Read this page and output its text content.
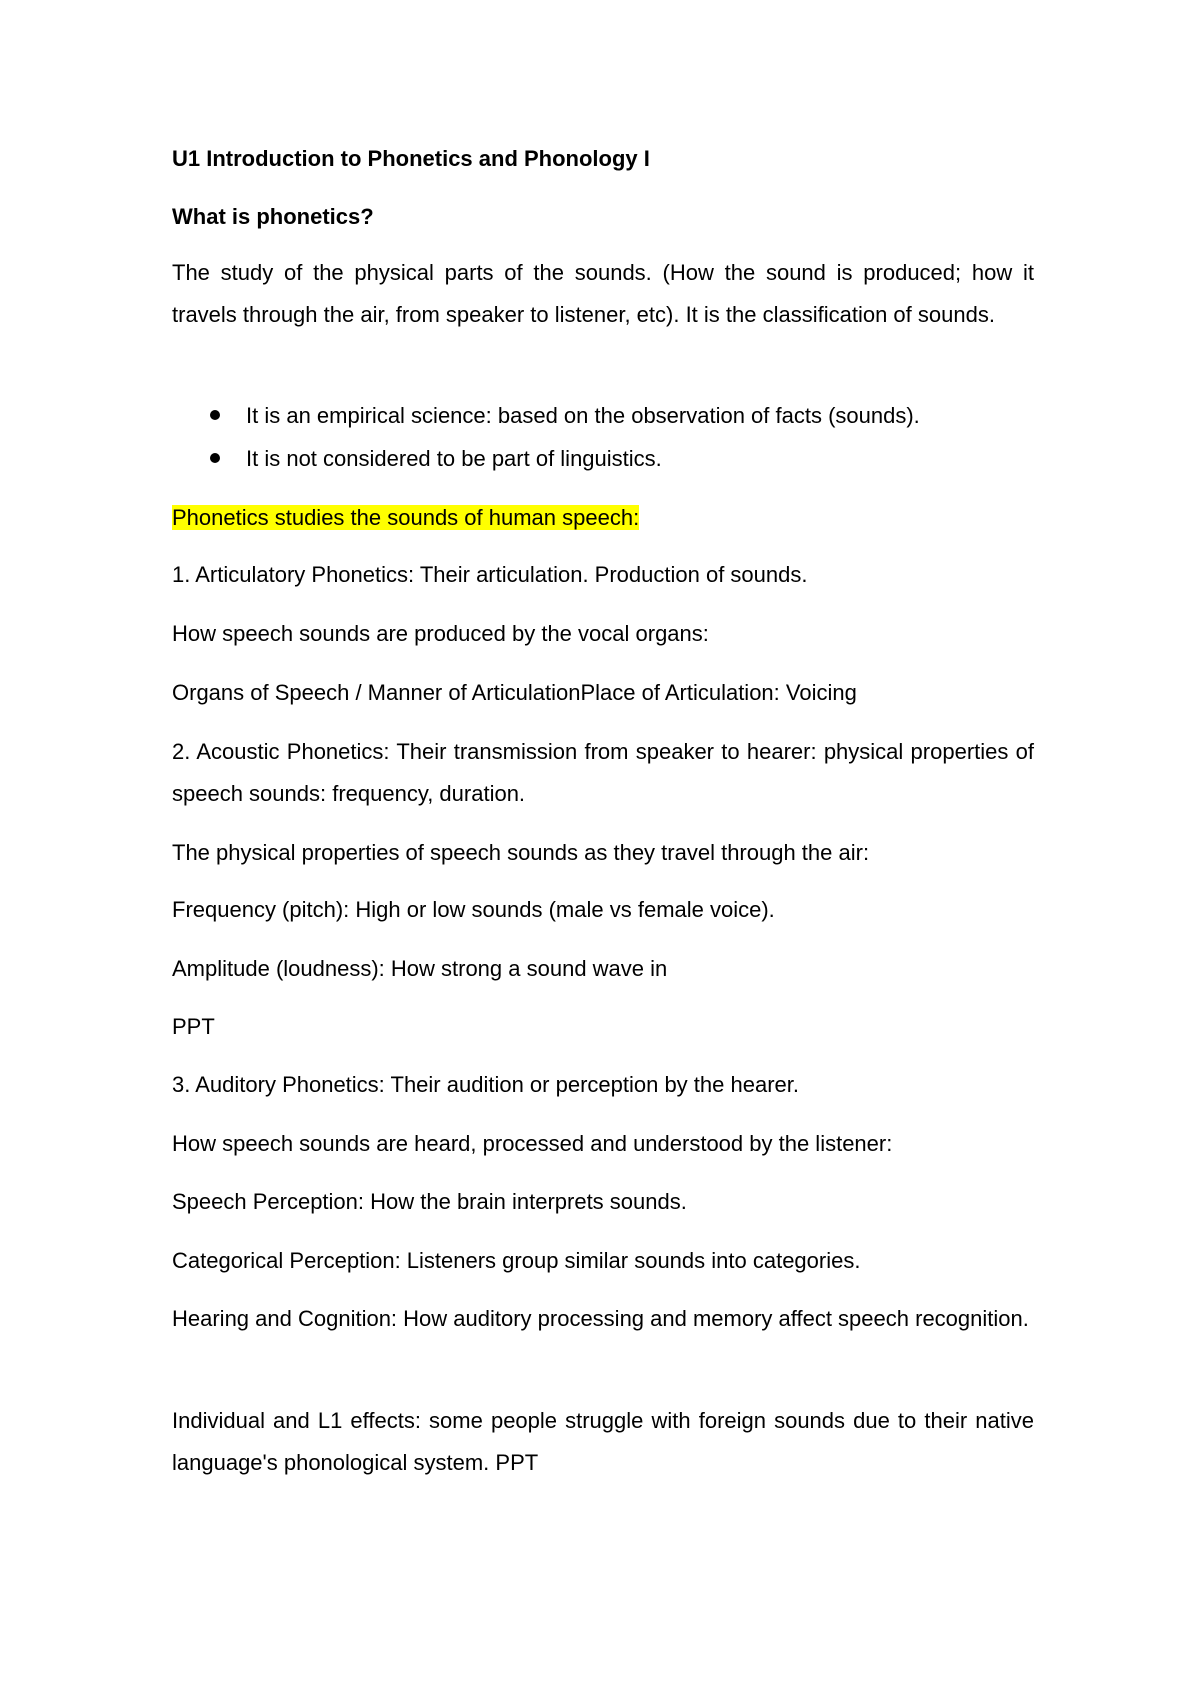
U1 Introduction to Phonetics and Phonology I
What is phonetics?
The study of the physical parts of the sounds. (How the sound is produced; how it travels through the air, from speaker to listener, etc). It is the classification of sounds.
It is an empirical science: based on the observation of facts (sounds).
It is not considered to be part of linguistics.
Phonetics studies the sounds of human speech:
1. Articulatory Phonetics: Their articulation. Production of sounds.
How speech sounds are produced by the vocal organs:
Organs of Speech / Manner of ArticulationPlace of Articulation: Voicing
2. Acoustic Phonetics: Their transmission from speaker to hearer: physical properties of speech sounds: frequency, duration.
The physical properties of speech sounds as they travel through the air:
Frequency (pitch): High or low sounds (male vs female voice).
Amplitude (loudness): How strong a sound wave in
PPT
3. Auditory Phonetics: Their audition or perception by the hearer.
How speech sounds are heard, processed and understood by the listener:
Speech Perception: How the brain interprets sounds.
Categorical Perception: Listeners group similar sounds into categories.
Hearing and Cognition: How auditory processing and memory affect speech recognition.
Individual and L1 effects: some people struggle with foreign sounds due to their native language's phonological system. PPT
